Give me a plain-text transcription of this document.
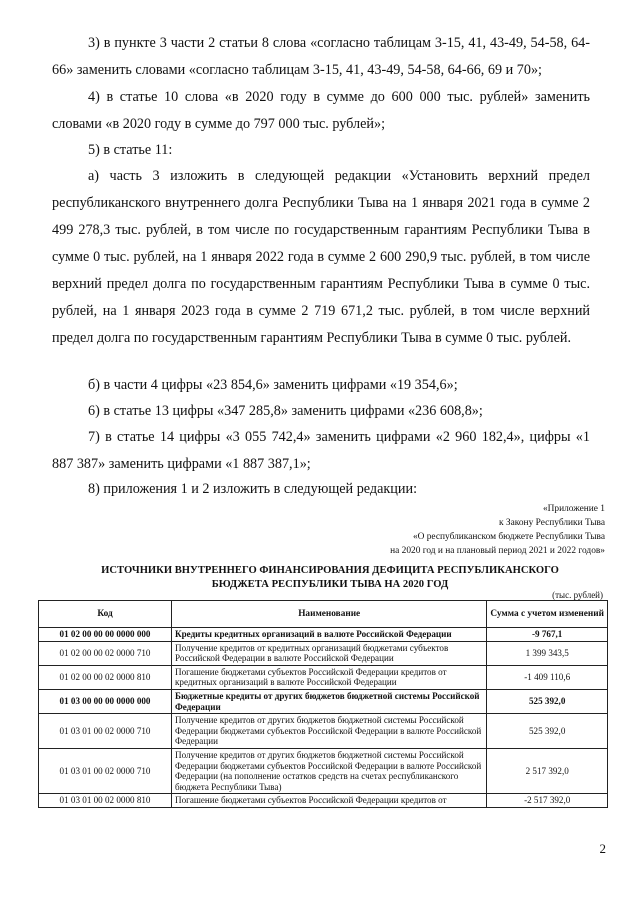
3) в пункте 3 части 2 статьи 8 слова «согласно таблицам 3-15, 41, 43-49, 54-58, 64-66» заменить словами «согласно таблицам 3-15, 41, 43-49, 54-58, 64-66, 69 и 70»;

4) в статье 10 слова «в 2020 году в сумме до 600 000 тыс. рублей» заменить словами «в 2020 году в сумме до 797 000 тыс. рублей»;

5) в статье 11:

а) часть 3 изложить в следующей редакции «Установить верхний предел республиканского внутреннего долга Республики Тыва на 1 января 2021 года в сумме 2 499 278,3 тыс. рублей, в том числе по государственным гарантиям Республики Тыва в сумме 0 тыс. рублей, на 1 января 2022 года в сумме 2 600 290,9 тыс. рублей, в том числе верхний предел долга по государственным гарантиям Республики Тыва в сумме 0 тыс. рублей, на 1 января 2023 года в сумме 2 719 671,2 тыс. рублей, в том числе верхний предел долга по государственным гарантиям Республики Тыва в сумме 0 тыс. рублей.

б) в части 4 цифры «23 854,6» заменить цифрами «19 354,6»;

6) в статье 13 цифры «347 285,8» заменить цифрами «236 608,8»;

7) в статье 14 цифры «3 055 742,4» заменить цифрами «2 960 182,4», цифры «1 887 387» заменить цифрами «1 887 387,1»;

8) приложения 1 и 2 изложить в следующей редакции:

«Приложение 1
к Закону Республики Тыва
«О республиканском бюджете Республики Тыва
на 2020 год и на плановый период 2021 и 2022 годов»
ИСТОЧНИКИ ВНУТРЕННЕГО ФИНАНСИРОВАНИЯ ДЕФИЦИТА РЕСПУБЛИКАНСКОГО
БЮДЖЕТА РЕСПУБЛИКИ ТЫВА НА 2020 ГОД
(тыс. рублей)
Код	Наименование	Сумма с учетом изменений
01 02 00 00 00 0000 000	Кредиты кредитных организаций в валюте Российской Федерации	-9 767,1
01 02 00 00 02 0000 710	Получение кредитов от кредитных организаций бюджетами субъектов Российской Федерации в валюте Российской Федерации	1 399 343,5
01 02 00 00 02 0000 810	Погашение бюджетами субъектов Российской Федерации кредитов от кредитных организаций в валюте Российской Федерации	-1 409 110,6
01 03 00 00 00 0000 000	Бюджетные кредиты от других бюджетов бюджетной системы Российской Федерации	525 392,0
01 03 01 00 02 0000 710	Получение кредитов от других бюджетов бюджетной системы Российской Федерации бюджетами субъектов Российской Федерации в валюте Российской Федерации	525 392,0
01 03 01 00 02 0000 710	Получение кредитов от других бюджетов бюджетной системы Российской Федерации бюджетами субъектов Российской Федерации в валюте Российской Федерации (на пополнение остатков средств на счетах республиканского бюджета Республики Тыва)	2 517 392,0
01 03 01 00 02 0000 810	Погашение бюджетами субъектов Российской Федерации кредитов от	-2 517 392,0
2
